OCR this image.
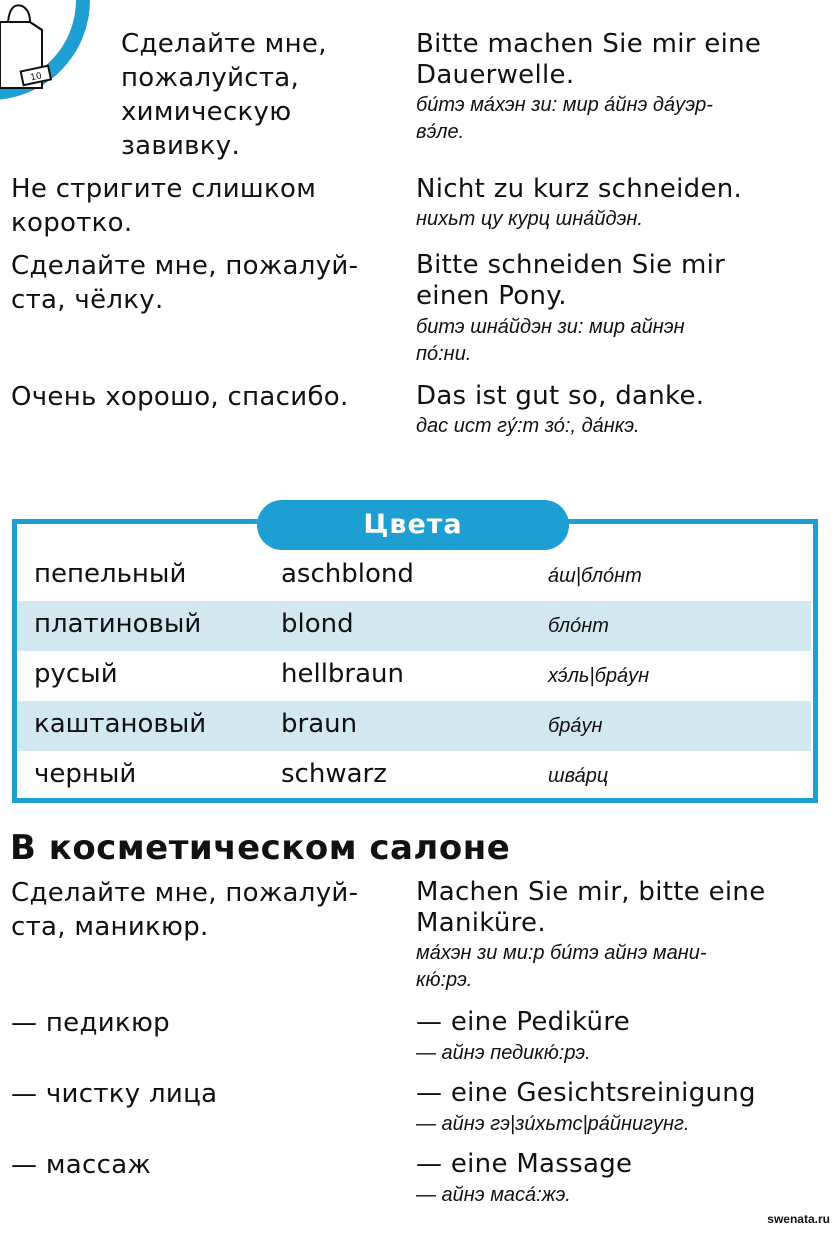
10
Сделайте мне,
пожалуйста,
химическую
завивку.
Bitte machen Sie mir eine
Dauerwelle.
би́тэ ма́хэн зи: мир а́йнэ да́уэр-
вэ́ле.
Не стригите слишком
коротко.
Nicht zu kurz schneiden.
нихьт цу курц шна́йдэн.
Сделайте мне, пожалуй-
ста, чёлку.
Bitte schneiden Sie mir
einen Pony.
битэ шна́йдэн зи: мир айнэн
по́:ни.
Очень хорошо, спасибо.	Das ist gut so, danke.
дас ист гу́:т зо́:, да́нкэ.
пепельный	aschblond	а́ш|бло́нт
платиновый	blond	бло́нт
русый	hellbraun	хэ́ль|бра́ун
каштановый	braun	бра́ун
черный	schwarz	шва́рц
Цвета
В косметическом салоне
Сделайте мне, пожалуй-
ста, маникюр.
Machen Sie mir, bitte eine
Maniküre.
ма́хэн зи ми:р би́тэ айнэ мани-
кю́:рэ.
— педикюр	— eine Pediküre
— айнэ педикю́:рэ.
— чистку лица	— eine Gesichtsreinigung
— айнэ гэ|зи́хьтс|ра́йнигунг.
— массаж	— eine Massage
— айнэ маса́:жэ.
swenata.ru
